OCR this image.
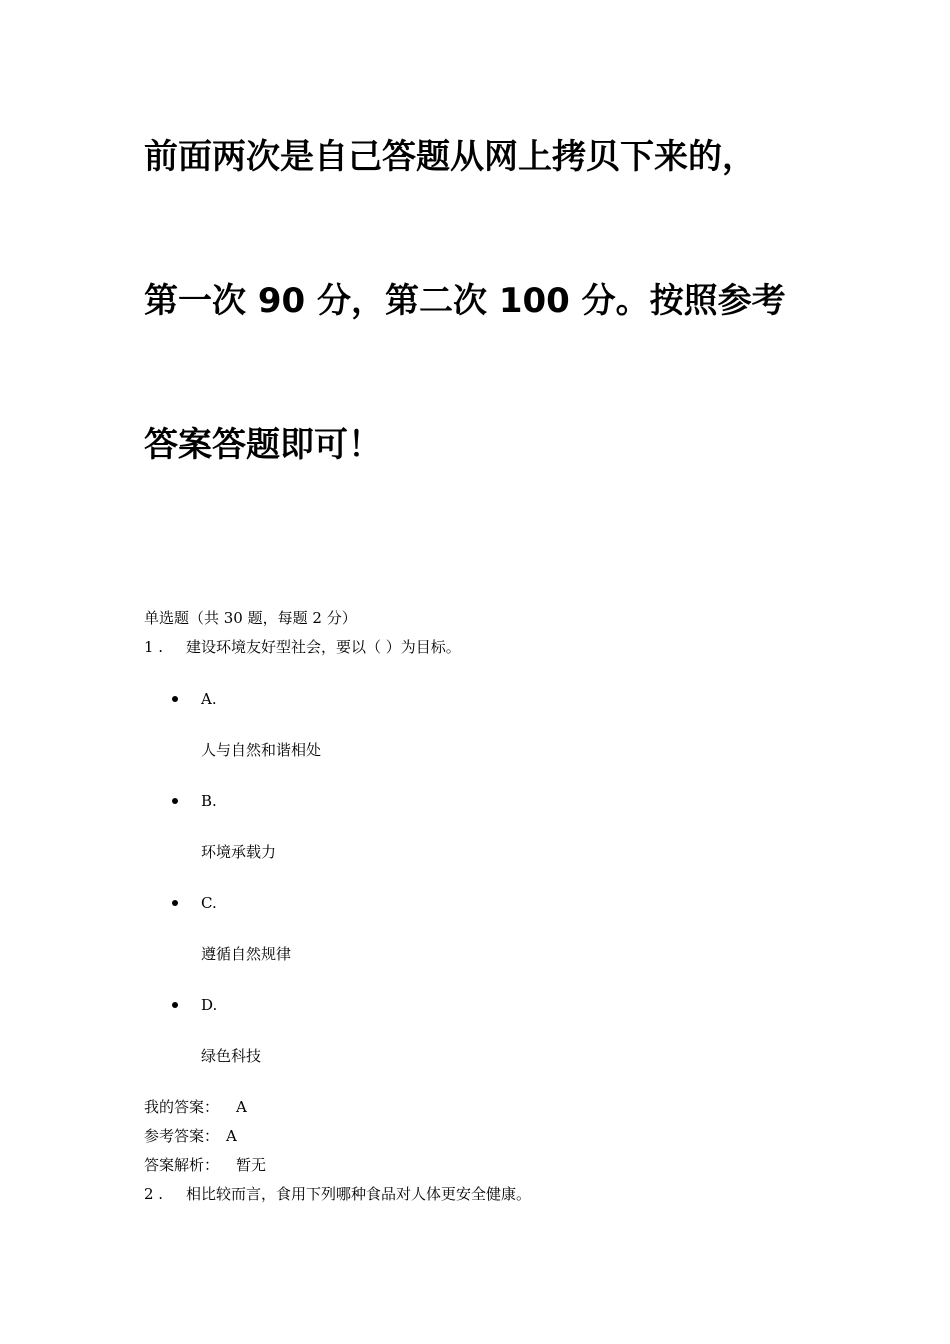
前面两次是自己答题从网上拷贝下来的，

第一次 90 分，第二次 100 分。按照参考

答案答题即可！

单选题（共 30 题，每题 2 分）
1 . 建设环境友好型社会，要以（ ）为目标。
A.
人与自然和谐相处
B.
环境承载力
C.
遵循自然规律
D.
绿色科技
我的答案： A
参考答案： A
答案解析： 暂无
2 . 相比较而言，食用下列哪种食品对人体更安全健康。
